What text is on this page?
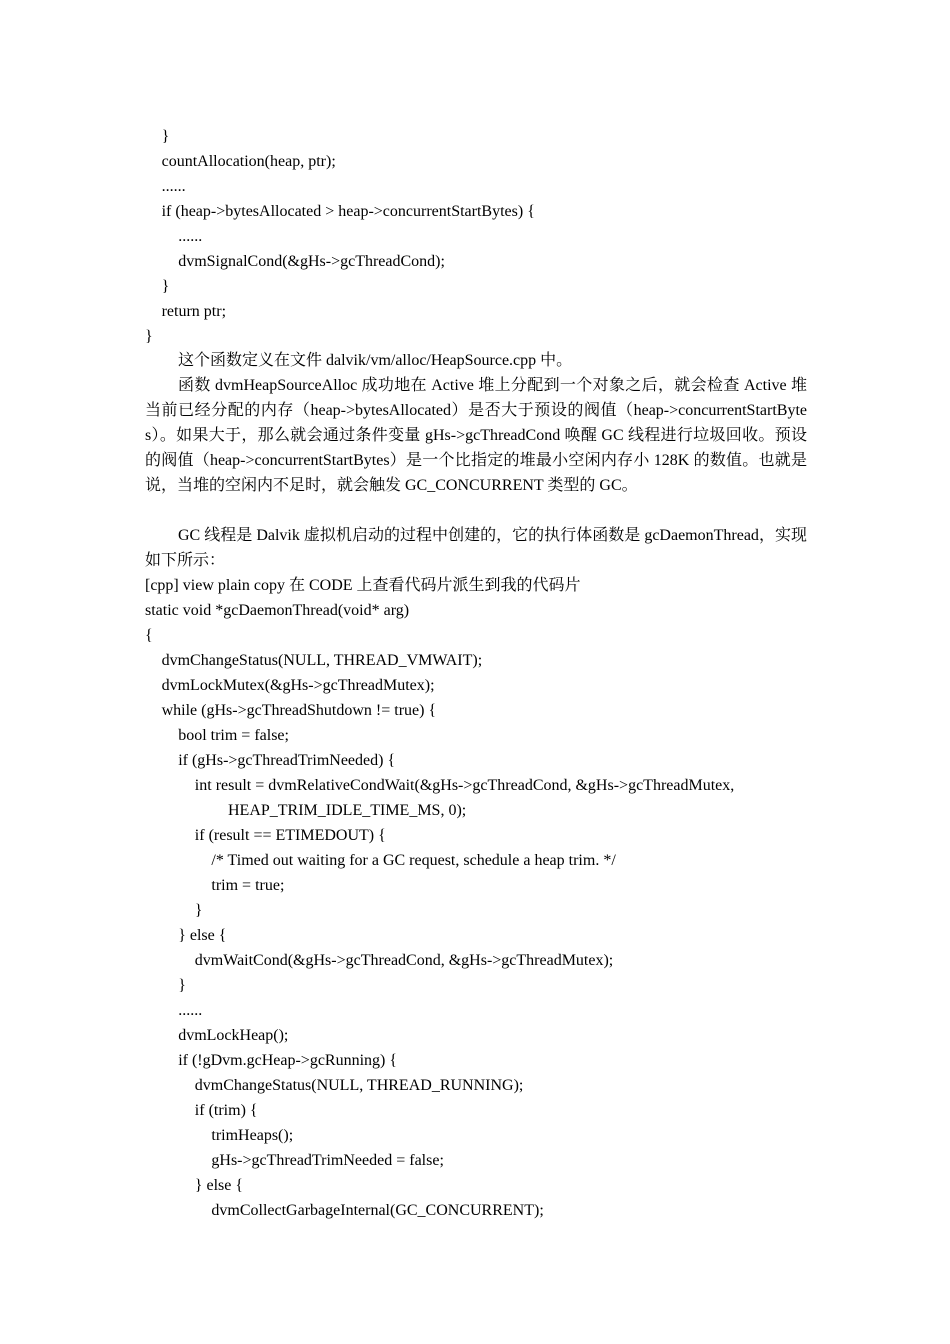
}
countAllocation(heap, ptr);
......
if (heap->bytesAllocated > heap->concurrentStartBytes) {
......
dvmSignalCond(&gHs->gcThreadCond);
}
return ptr;
}
这个函数定义在文件 dalvik/vm/alloc/HeapSource.cpp 中。
函数 dvmHeapSourceAlloc 成功地在 Active 堆上分配到一个对象之后，就会检查 Active 堆当前已经分配的内存（heap->bytesAllocated）是否大于预设的阀值（heap->concurrentStartBytes）。如果大于，那么就会通过条件变量 gHs->gcThreadCond 唤醒 GC 线程进行垃圾回收。预设的阀值（heap->concurrentStartBytes）是一个比指定的堆最小空闲内存小 128K 的数值。也就是说，当堆的空闲内不足时，就会触发 GC_CONCURRENT 类型的 GC。
GC 线程是 Dalvik 虚拟机启动的过程中创建的，它的执行体函数是 gcDaemonThread，实现如下所示：
[cpp] view plain copy 在 CODE 上查看代码片派生到我的代码片
static void *gcDaemonThread(void* arg)
{
dvmChangeStatus(NULL, THREAD_VMWAIT);
dvmLockMutex(&gHs->gcThreadMutex);
while (gHs->gcThreadShutdown != true) {
bool trim = false;
if (gHs->gcThreadTrimNeeded) {
int result = dvmRelativeCondWait(&gHs->gcThreadCond, &gHs->gcThreadMutex,
HEAP_TRIM_IDLE_TIME_MS, 0);
if (result == ETIMEDOUT) {
/* Timed out waiting for a GC request, schedule a heap trim. */
trim = true;
}
} else {
dvmWaitCond(&gHs->gcThreadCond, &gHs->gcThreadMutex);
}
......
dvmLockHeap();
if (!gDvm.gcHeap->gcRunning) {
dvmChangeStatus(NULL, THREAD_RUNNING);
if (trim) {
trimHeaps();
gHs->gcThreadTrimNeeded = false;
} else {
dvmCollectGarbageInternal(GC_CONCURRENT);
